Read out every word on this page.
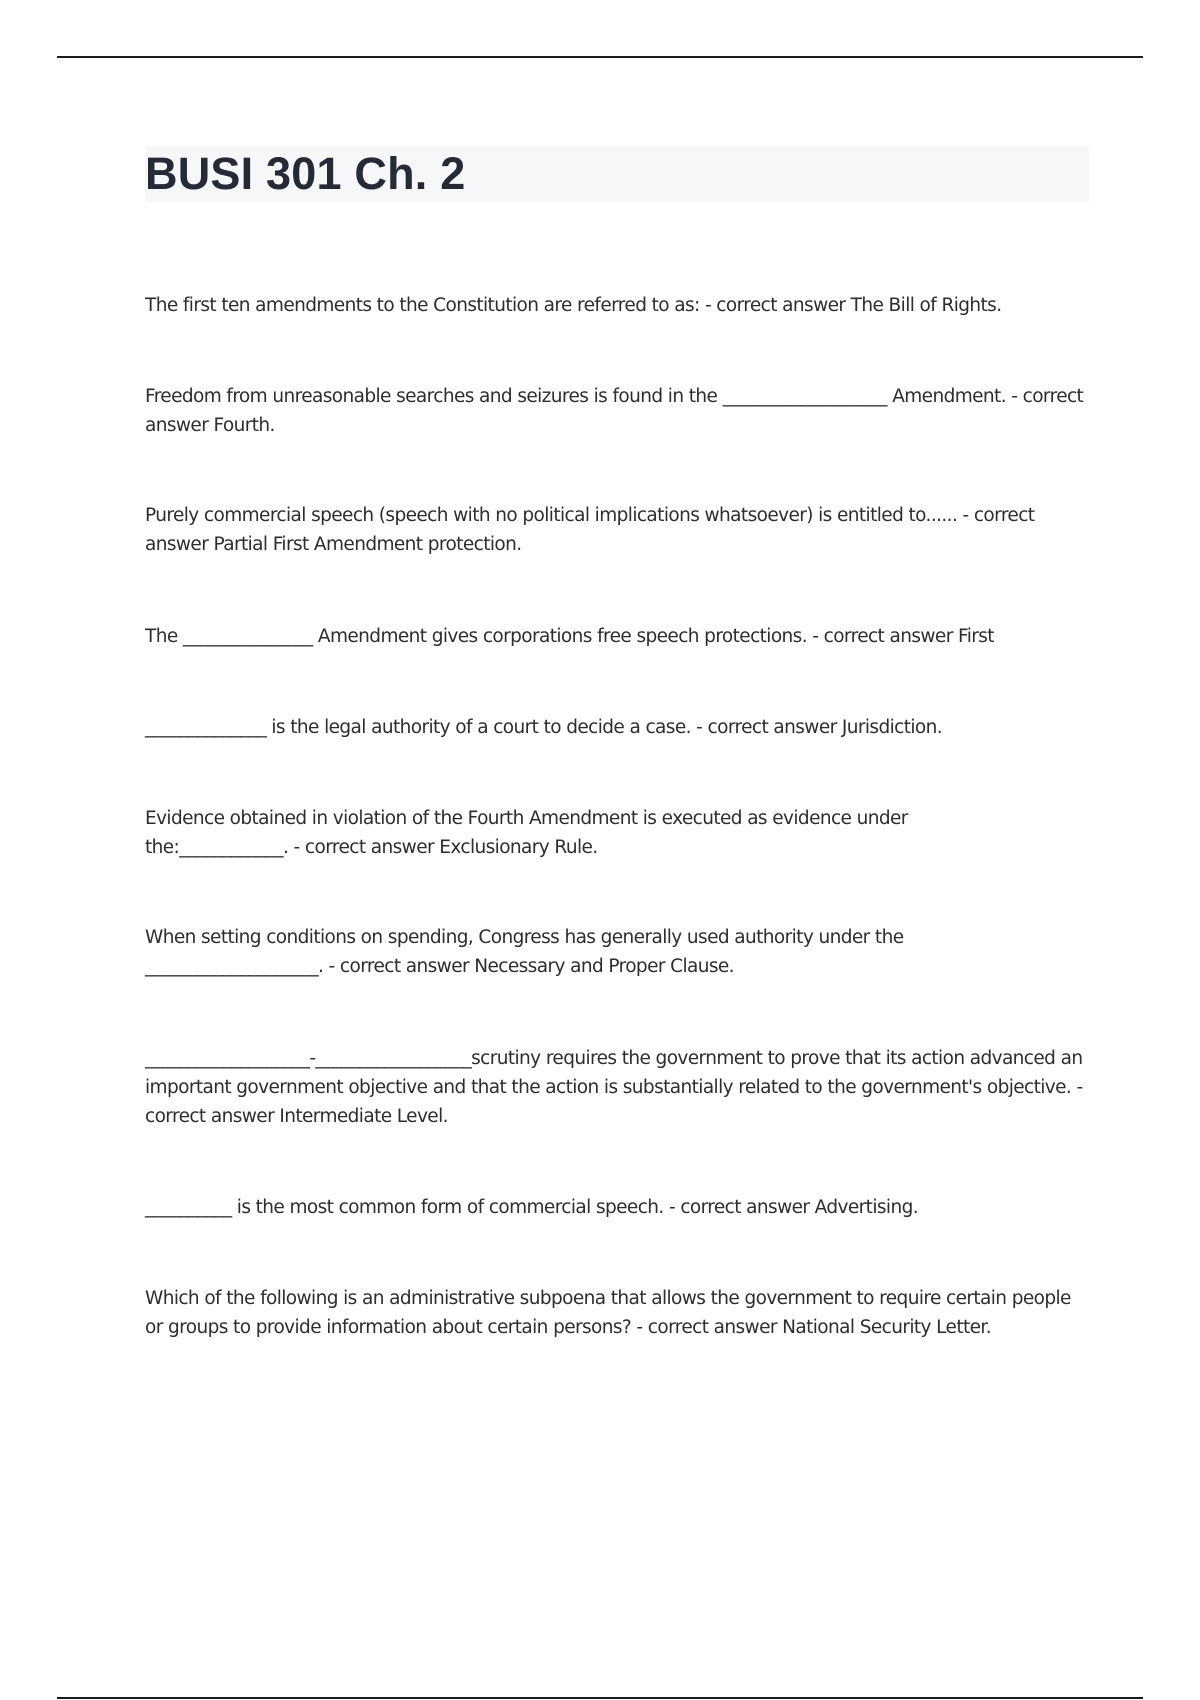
BUSI 301 Ch. 2

The first ten amendments to the Constitution are referred to as: - correct answer The Bill of Rights.

Freedom from unreasonable searches and seizures is found in the ___________________ Amendment. - correct answer Fourth.

Purely commercial speech (speech with no political implications whatsoever) is entitled to...... - correct answer Partial First Amendment protection.

The _______________ Amendment gives corporations free speech protections. - correct answer First

______________ is the legal authority of a court to decide a case. - correct answer Jurisdiction.

Evidence obtained in violation of the Fourth Amendment is executed as evidence under the:____________. - correct answer Exclusionary Rule.

When setting conditions on spending, Congress has generally used authority under the ____________________. - correct answer Necessary and Proper Clause.

___________________-__________________scrutiny requires the government to prove that its action advanced an important government objective and that the action is substantially related to the government's objective. - correct answer Intermediate Level.

__________ is the most common form of commercial speech. - correct answer Advertising.

Which of the following is an administrative subpoena that allows the government to require certain people or groups to provide information about certain persons? - correct answer National Security Letter.
